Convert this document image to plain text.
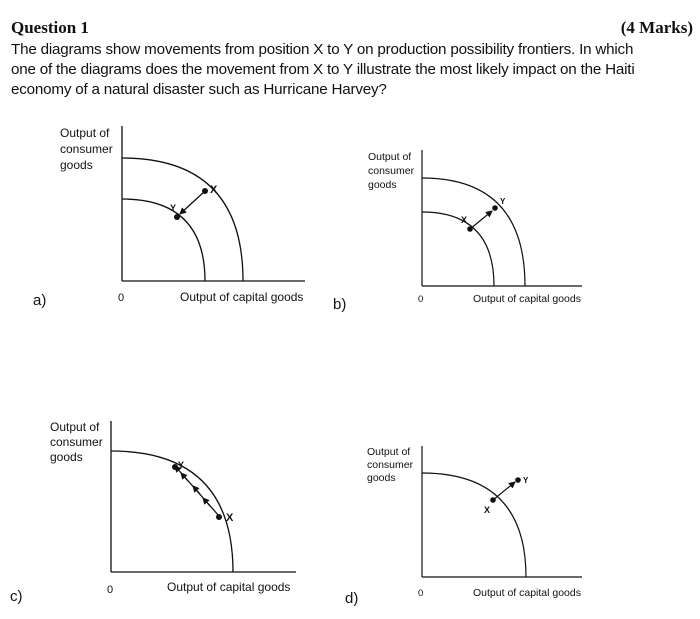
Question 1	(4 Marks)
The diagrams show movements from position X to Y on production possibility frontiers. In which one of the diagrams does the movement from X to Y illustrate the most likely impact on the Haiti economy of a natural disaster such as Hurricane Harvey?
a)	b)
c)	d)
X
Y
Output of
consumer
goods
0	Output of capital goods
X
Y
Output of
consumer
goods
0	Output of capital goods
X
Y
Output of
consumer
goods
0	Output of capital goods
X
Y
Output of
consumer
goods
0	Output of capital goods
